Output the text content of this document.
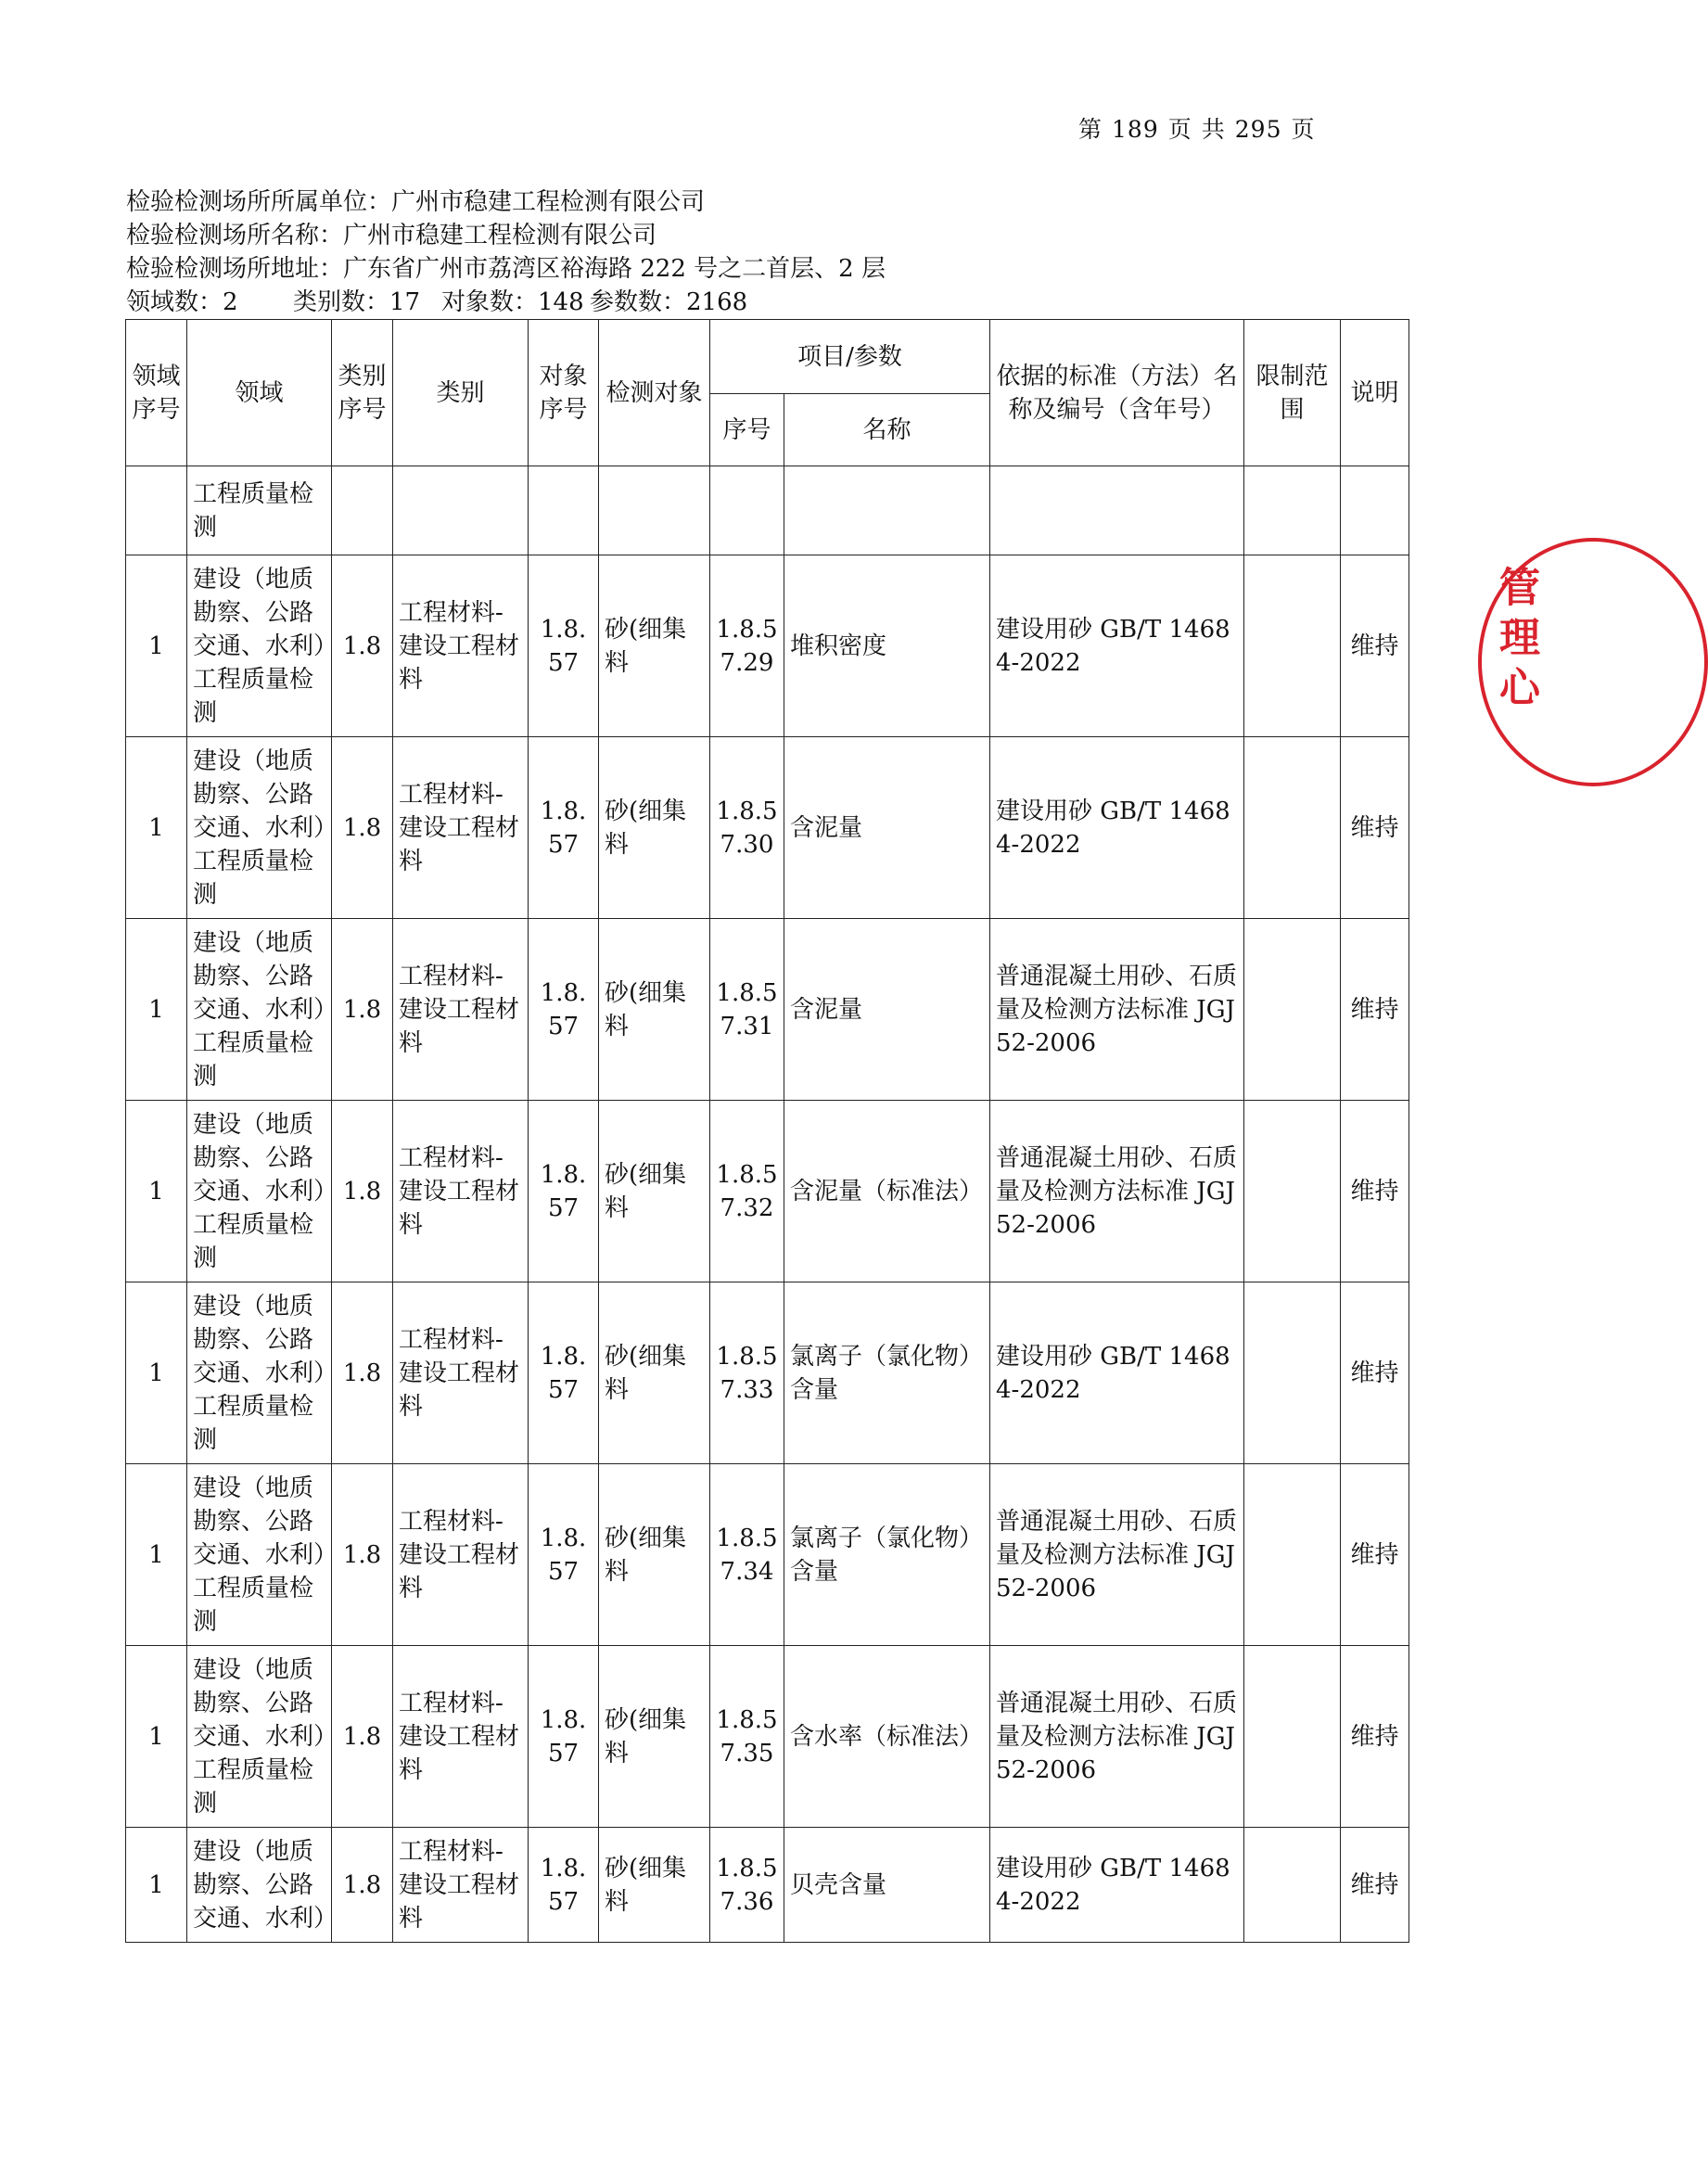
第 189 页 共 295 页
检验检测场所所属单位：广州市稳建工程检测有限公司
检验检测场所名称：广州市稳建工程检测有限公司
检验检测场所地址：广东省广州市荔湾区裕海路 222 号之二首层、2 层
领域数：2	类别数：17 对象数：148 参数数：2168
领域序号	领域	类别序号	类别	对象序号	检测对象	项目/参数		依据的标准（方法）名称及编号（含年号）	限制范围	说明
						序号	名称			
	工程质量检测									
1	建设（地质勘察、公路交通、水利）工程质量检测	1.8	工程材料-建设工程材料	1.8.57	砂(细集料	1.8.57.29	堆积密度	建设用砂 GB/T 14684-2022		维持
1	建设（地质勘察、公路交通、水利）工程质量检测	1.8	工程材料-建设工程材料	1.8.57	砂(细集料	1.8.57.30	含泥量	建设用砂 GB/T 14684-2022		维持
1	建设（地质勘察、公路交通、水利）工程质量检测	1.8	工程材料-建设工程材料	1.8.57	砂(细集料	1.8.57.31	含泥量	普通混凝土用砂、石质量及检测方法标准 JGJ 52-2006		维持
1	建设（地质勘察、公路交通、水利）工程质量检测	1.8	工程材料-建设工程材料	1.8.57	砂(细集料	1.8.57.32	含泥量（标准法）	普通混凝土用砂、石质量及检测方法标准 JGJ 52-2006		维持
1	建设（地质勘察、公路交通、水利）工程质量检测	1.8	工程材料-建设工程材料	1.8.57	砂(细集料	1.8.57.33	氯离子（氯化物）含量	建设用砂 GB/T 14684-2022		维持
1	建设（地质勘察、公路交通、水利）工程质量检测	1.8	工程材料-建设工程材料	1.8.57	砂(细集料	1.8.57.34	氯离子（氯化物）含量	普通混凝土用砂、石质量及检测方法标准 JGJ 52-2006		维持
1	建设（地质勘察、公路交通、水利）工程质量检测	1.8	工程材料-建设工程材料	1.8.57	砂(细集料	1.8.57.35	含水率（标准法）	普通混凝土用砂、石质量及检测方法标准 JGJ 52-2006		维持
1	建设（地质勘察、公路交通、水利）	1.8	工程材料-建设工程材料	1.8.57	砂(细集料	1.8.57.36	贝壳含量	建设用砂 GB/T 14684-2022		维持
管理心
